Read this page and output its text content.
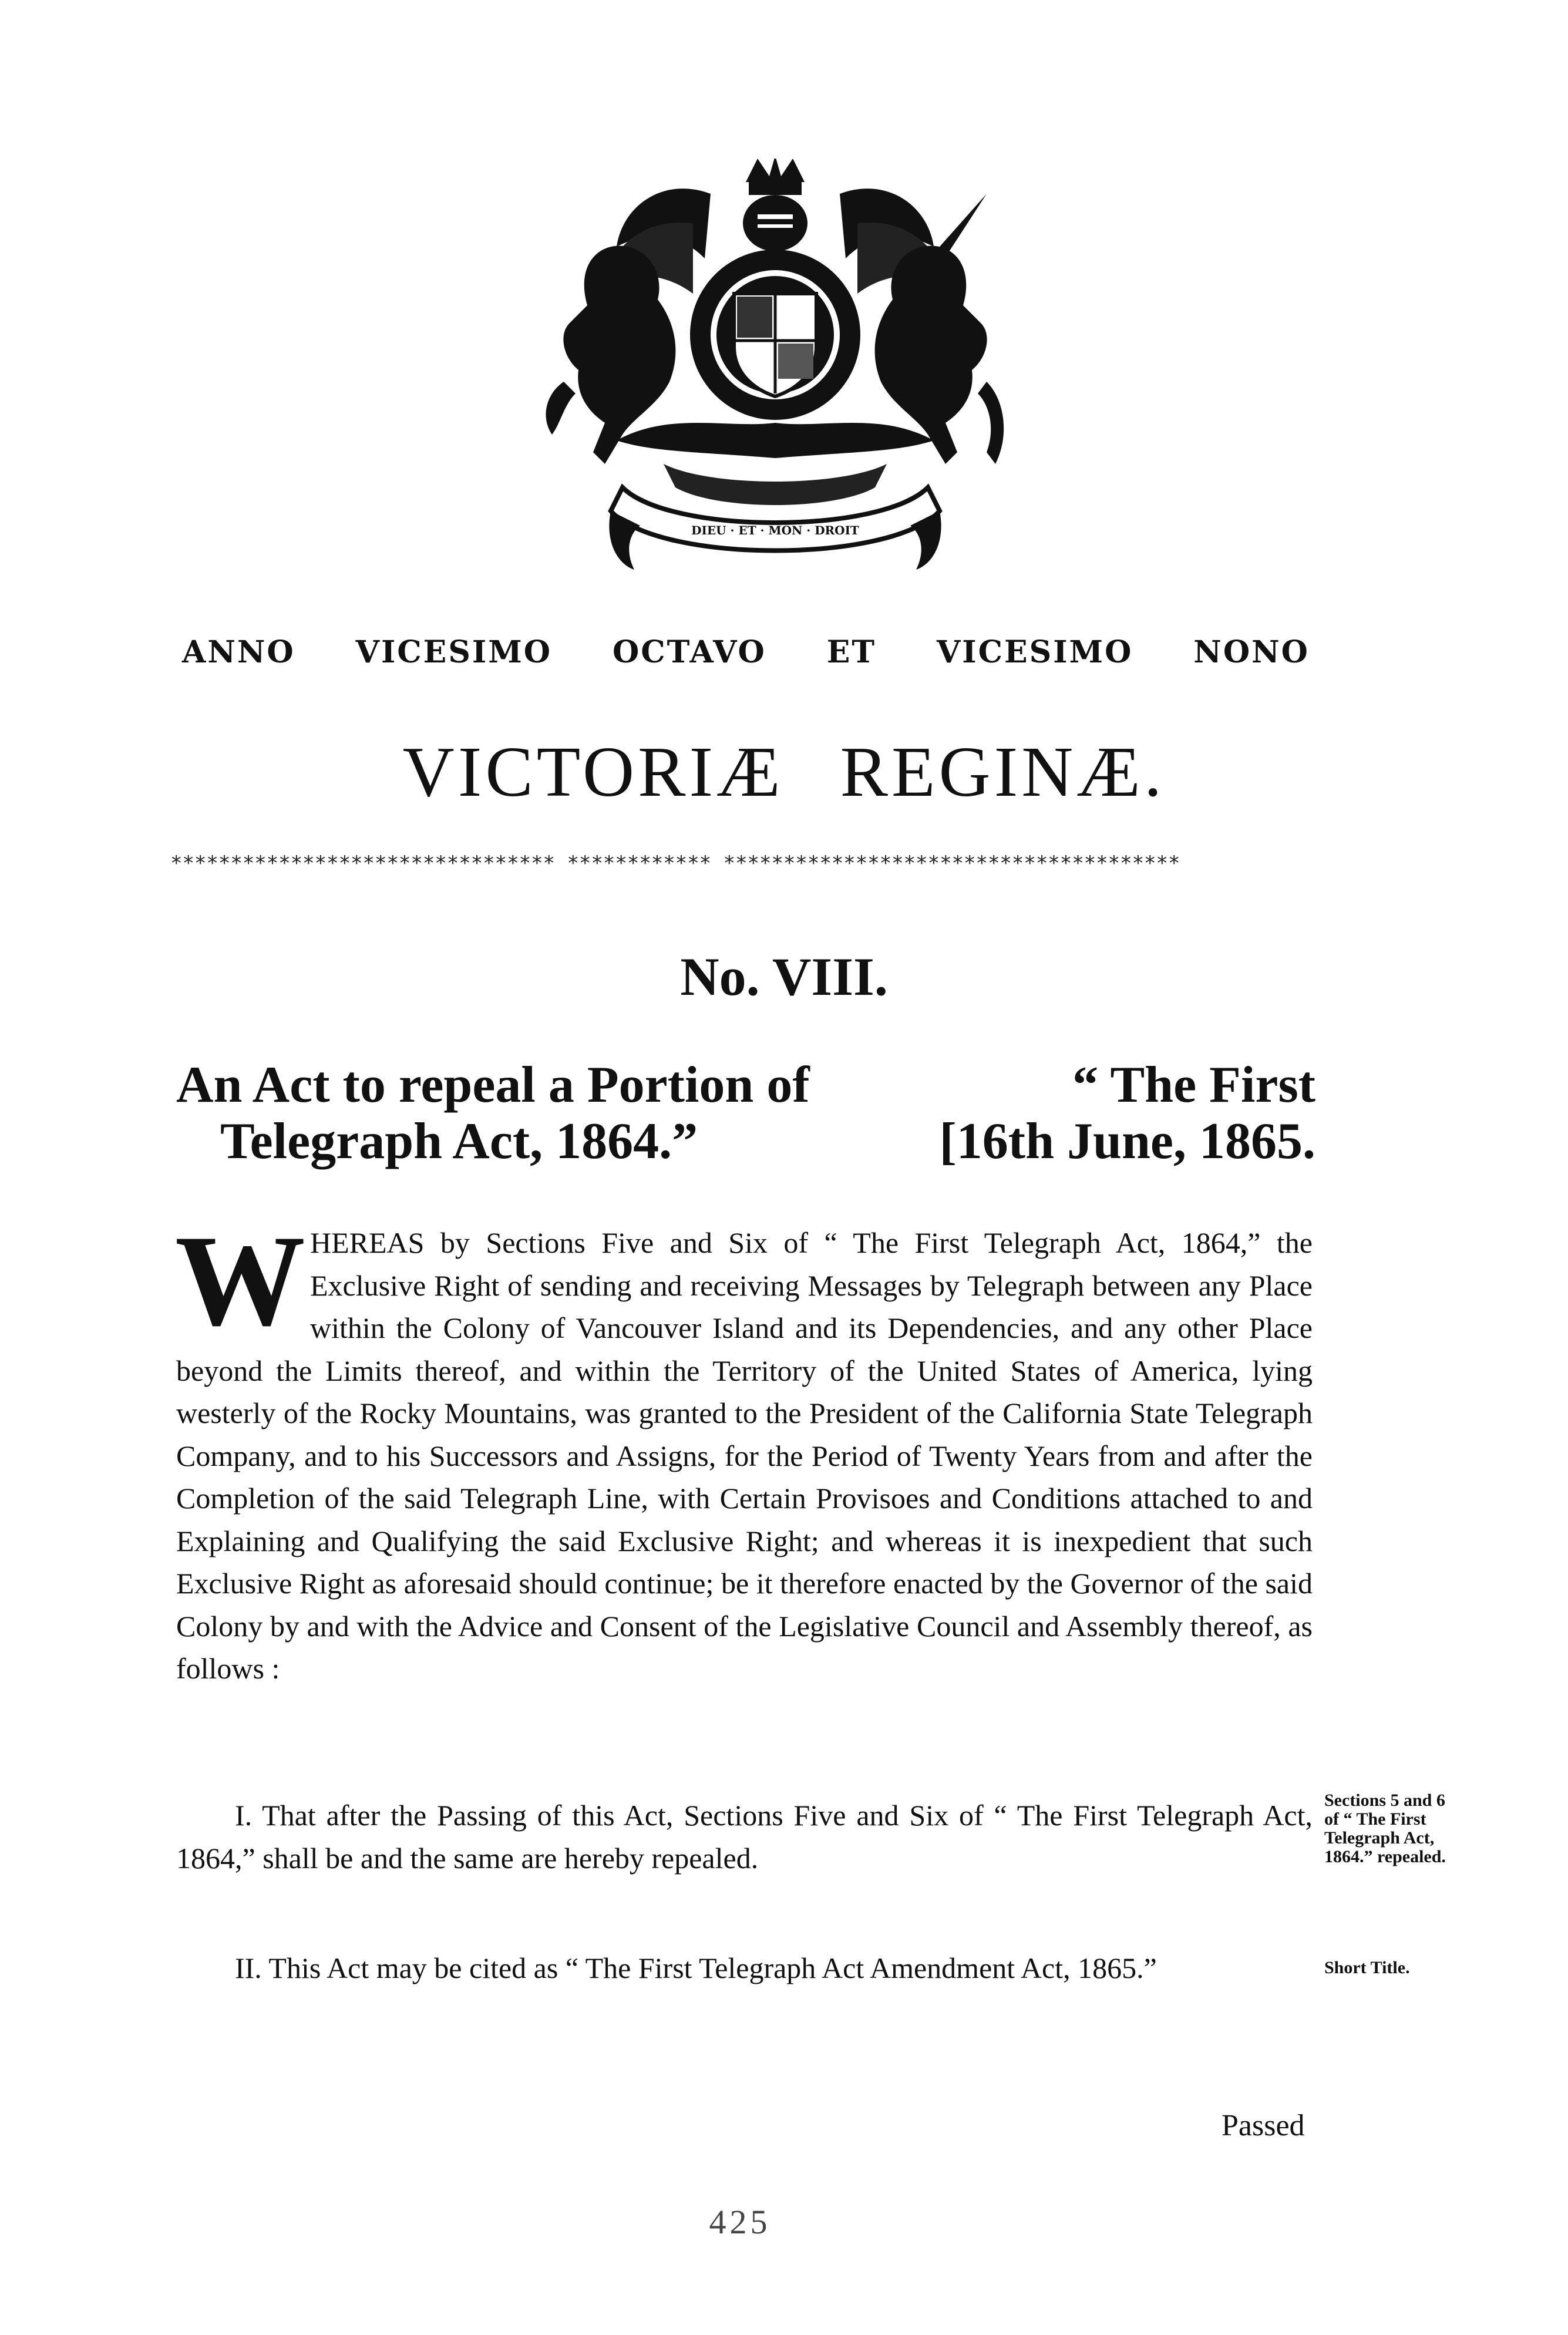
DIEU · ET · MON · DROIT
ANNO VICESIMO OCTAVO ET VICESIMO NONO
VICTORIÆ REGINÆ.
******************************** ************ **************************************
No. VIII.
An Act to repeal a Portion of	“ The First
Telegraph Act, 1864.”	[16th June, 1865.
WHEREAS by Sections Five and Six of “ The First Telegraph Act, 1864,” the Exclusive Right of sending and receiving Messages by Telegraph between any Place within the Colony of Vancouver Island and its Dependencies, and any other Place beyond the Limits thereof, and within the Territory of the United States of America, lying westerly of the Rocky Mountains, was granted to the President of the California State Telegraph Company, and to his Successors and Assigns, for the Period of Twenty Years from and after the Completion of the said Telegraph Line, with Certain Provisoes and Conditions attached to and Explaining and Qualifying the said Exclusive Right; and whereas it is inexpedient that such Exclusive Right as aforesaid should continue; be it therefore enacted by the Governor of the said Colony by and with the Advice and Consent of the Legislative Council and Assembly thereof, as follows :

I. That after the Passing of this Act, Sections Five and Six of “ The First Telegraph Act, 1864,” shall be and the same are hereby repealed.

Sections 5 and 6 of “ The First Telegraph Act, 1864.” repealed.

II. This Act may be cited as “ The First Telegraph Act Amendment Act, 1865.”	Short Title.
Passed
425
